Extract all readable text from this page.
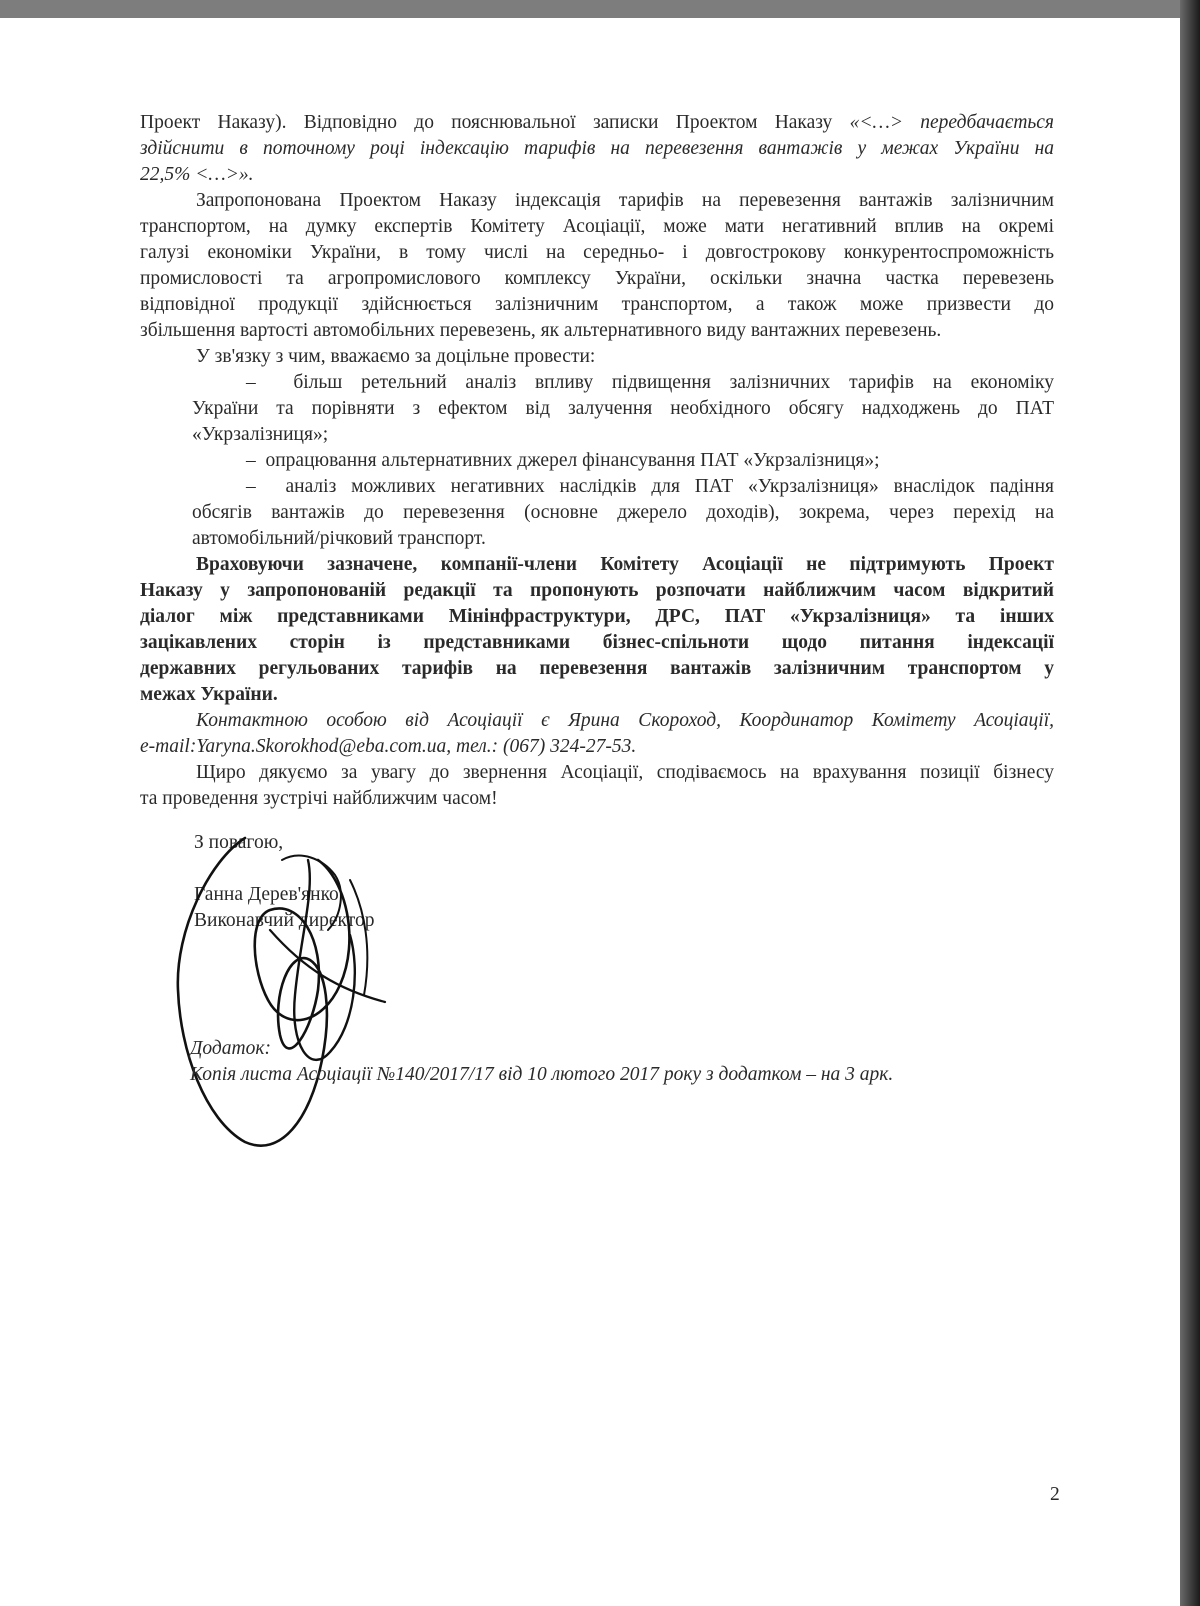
Проект Наказу). Відповідно до пояснювальної записки Проектом Наказу «<…> передбачається

здійснити в поточному році індексацію тарифів на перевезення вантажів у межах України на

22,5% <…>».

Запропонована Проектом Наказу індексація тарифів на перевезення вантажів залізничним

транспортом, на думку експертів Комітету Асоціації, може мати негативний вплив на окремі

галузі економіки України, в тому числі на середньо- і довгострокову конкурентоспроможність

промисловості та агропромислового комплексу України, оскільки значна частка перевезень

відповідної продукції здійснюється залізничним транспортом, а також може призвести до

збільшення вартості автомобільних перевезень, як альтернативного виду вантажних перевезень.

У зв'язку з чим, вважаємо за доцільне провести:

– більш ретельний аналіз впливу підвищення залізничних тарифів на економіку

України та порівняти з ефектом від залучення необхідного обсягу надходжень до ПАТ

«Укрзалізниця»;

– опрацювання альтернативних джерел фінансування ПАТ «Укрзалізниця»;

– аналіз можливих негативних наслідків для ПАТ «Укрзалізниця» внаслідок падіння

обсягів вантажів до перевезення (основне джерело доходів), зокрема, через перехід на

автомобільний/річковий транспорт.

Враховуючи зазначене, компанії-члени Комітету Асоціації не підтримують Проект

Наказу у запропонованій редакції та пропонують розпочати найближчим часом відкритий

діалог між представниками Мінінфраструктури, ДРС, ПАТ «Укрзалізниця» та інших

зацікавлених сторін із представниками бізнес-спільноти щодо питання індексації

державних регульованих тарифів на перевезення вантажів залізничним транспортом у

межах України.

Контактною особою від Асоціації є Ярина Скороход, Координатор Комітету Асоціації,

e-mail:Yaryna.Skorokhod@eba.com.ua, тел.: (067) 324-27-53.

Щиро дякуємо за увагу до звернення Асоціації, сподіваємось на врахування позиції бізнесу

та проведення зустрічі найближчим часом!

З повагою,
Ганна Дерев'янко
Виконавчий директор
Додаток:
Копія листа Асоціації №140/2017/17 від 10 лютого 2017 року з додатком – на 3 арк.
2
